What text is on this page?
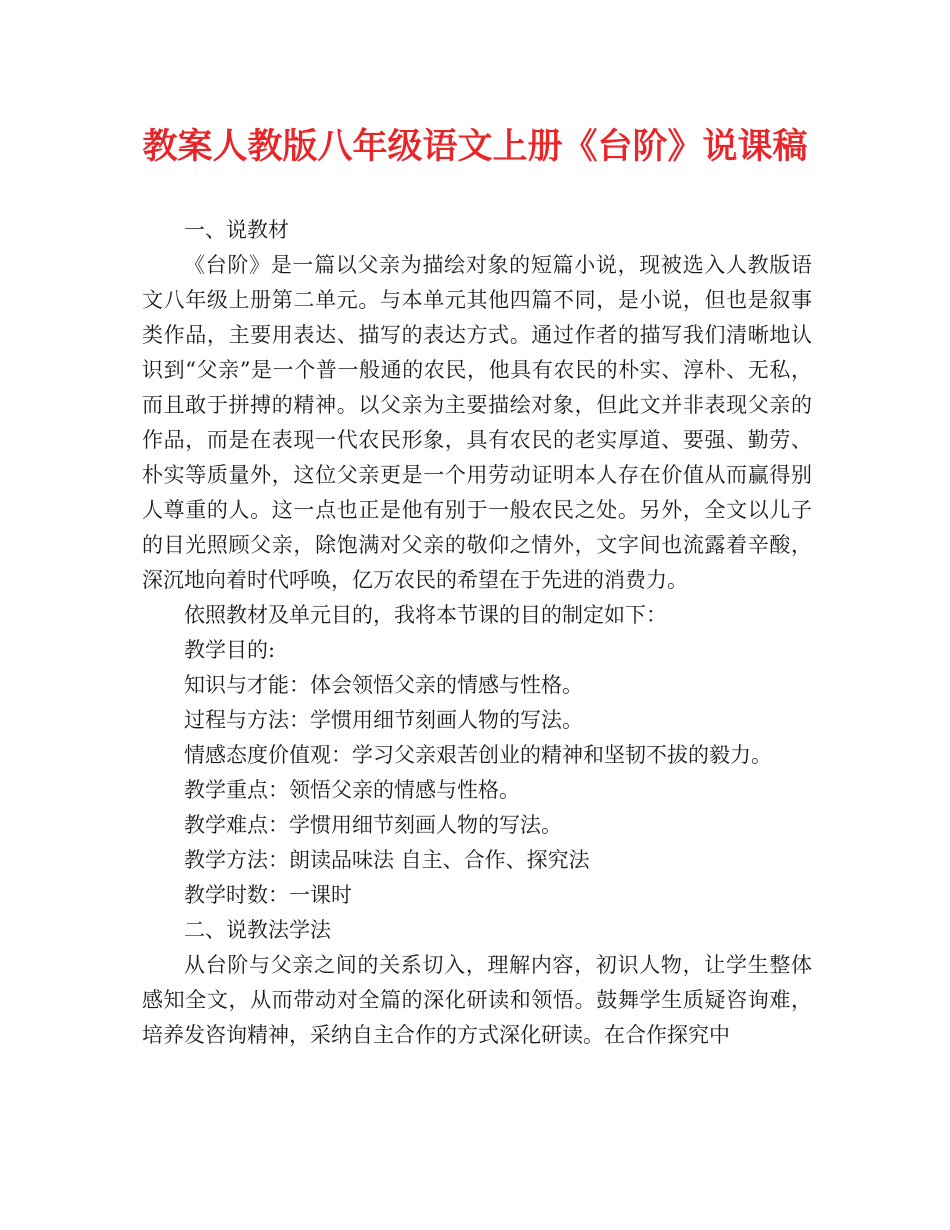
教案人教版八年级语文上册《台阶》说课稿

一、说教材

《台阶》是一篇以父亲为描绘对象的短篇小说，现被选入人教版语文八年级上册第二单元。与本单元其他四篇不同，是小说，但也是叙事类作品，主要用表达、描写的表达方式。通过作者的描写我们清晰地认识到“父亲”是一个普一般通的农民，他具有农民的朴实、淳朴、无私，而且敢于拼搏的精神。以父亲为主要描绘对象，但此文并非表现父亲的作品，而是在表现一代农民形象，具有农民的老实厚道、要强、勤劳、朴实等质量外，这位父亲更是一个用劳动证明本人存在价值从而赢得别人尊重的人。这一点也正是他有别于一般农民之处。另外，全文以儿子的目光照顾父亲，除饱满对父亲的敬仰之情外，文字间也流露着辛酸，深沉地向着时代呼唤，亿万农民的希望在于先进的消费力。

依照教材及单元目的，我将本节课的目的制定如下：

教学目的:

知识与才能：体会领悟父亲的情感与性格。

过程与方法：学惯用细节刻画人物的写法。

情感态度价值观：学习父亲艰苦创业的精神和坚韧不拔的毅力。

教学重点：领悟父亲的情感与性格。

教学难点：学惯用细节刻画人物的写法。

教学方法：朗读品味法 自主、合作、探究法

教学时数：一课时

二、说教法学法

从台阶与父亲之间的关系切入，理解内容，初识人物，让学生整体感知全文，从而带动对全篇的深化研读和领悟。鼓舞学生质疑咨询难，培养发咨询精神，采纳自主合作的方式深化研读。在合作探究中
